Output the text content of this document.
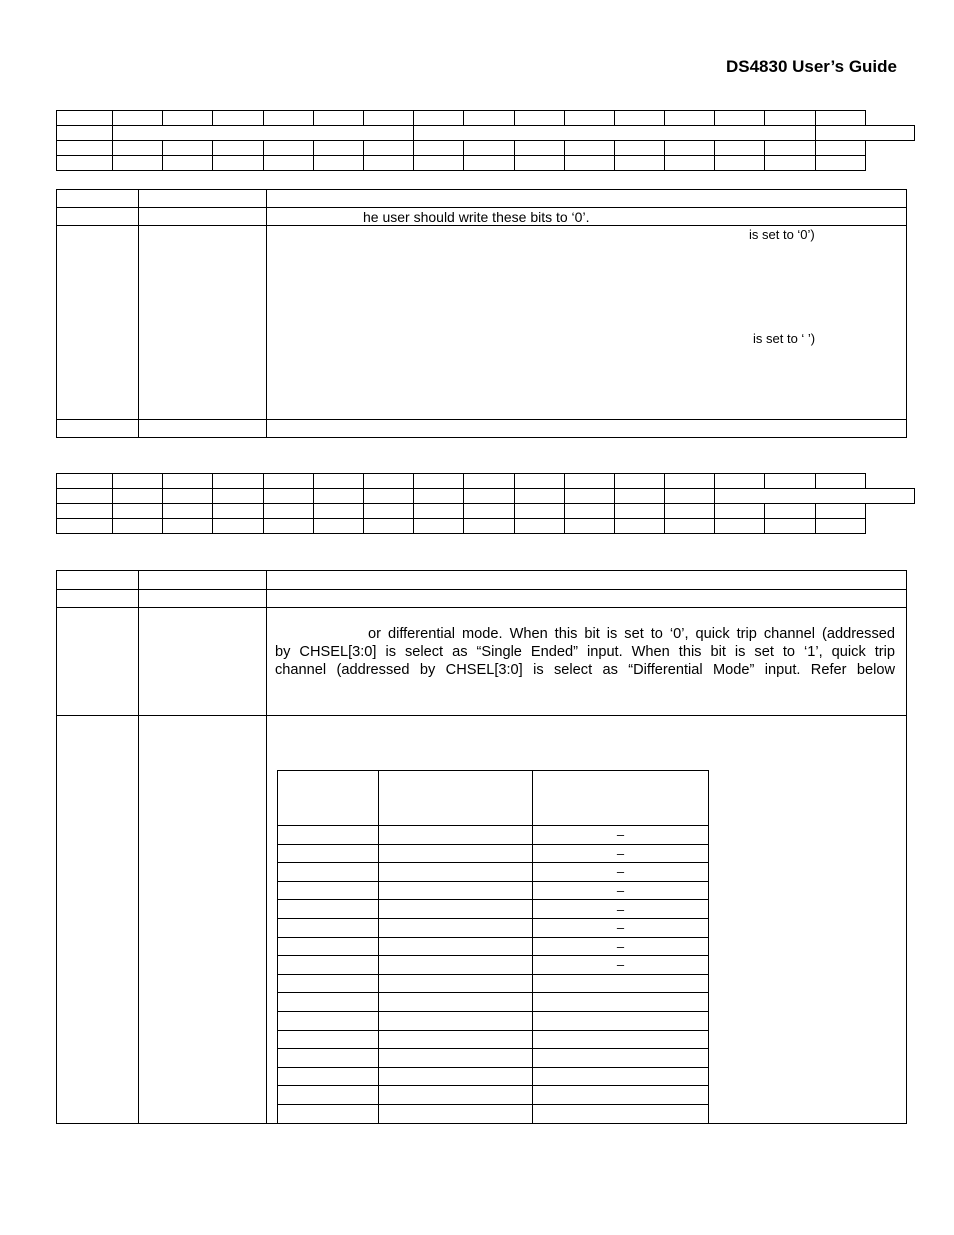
DS4830 User’s Guide

		he user should write these bits to ‘0’.

		is set to ‘0’)
is set to ‘ ’)

		or differential mode. When this bit is set to ‘0’, quick trip channel (addressed
by CHSEL[3:0] is select as “Single Ended” input. When this bit is set to ‘1’, quick trip
channel (addressed by CHSEL[3:0] is select as “Differential Mode” input. Refer below

		–
		–
		–
		–
		–
		–
		–
		–
